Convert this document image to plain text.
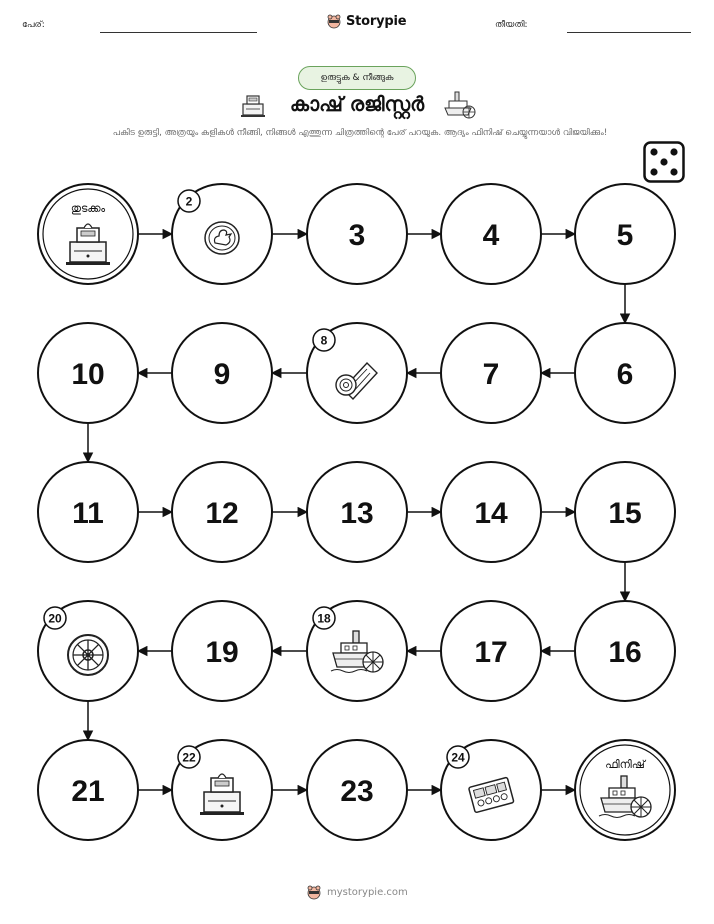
പേര്:	Storypie	തീയതി:
ഉരുട്ടുക & നീങ്ങുക
കാഷ് രജിസ്റ്റർ
പകിട ഉരുട്ടി, അത്രയും കളികൾ നീങ്ങി, നിങ്ങൾ എത്തുന്ന ചിത്രത്തിന്റെ പേര് പറയുക. ആദ്യം ഫിനിഷ് ചെയ്യുന്നയാൾ വിജയിക്കും!
തുടക്കം
2
3	4	5
6
7
8
9
10
11	12	13	14	15
16
17
18
19
20
21
22
23
24
ഫിനിഷ്
mystorypie.com
